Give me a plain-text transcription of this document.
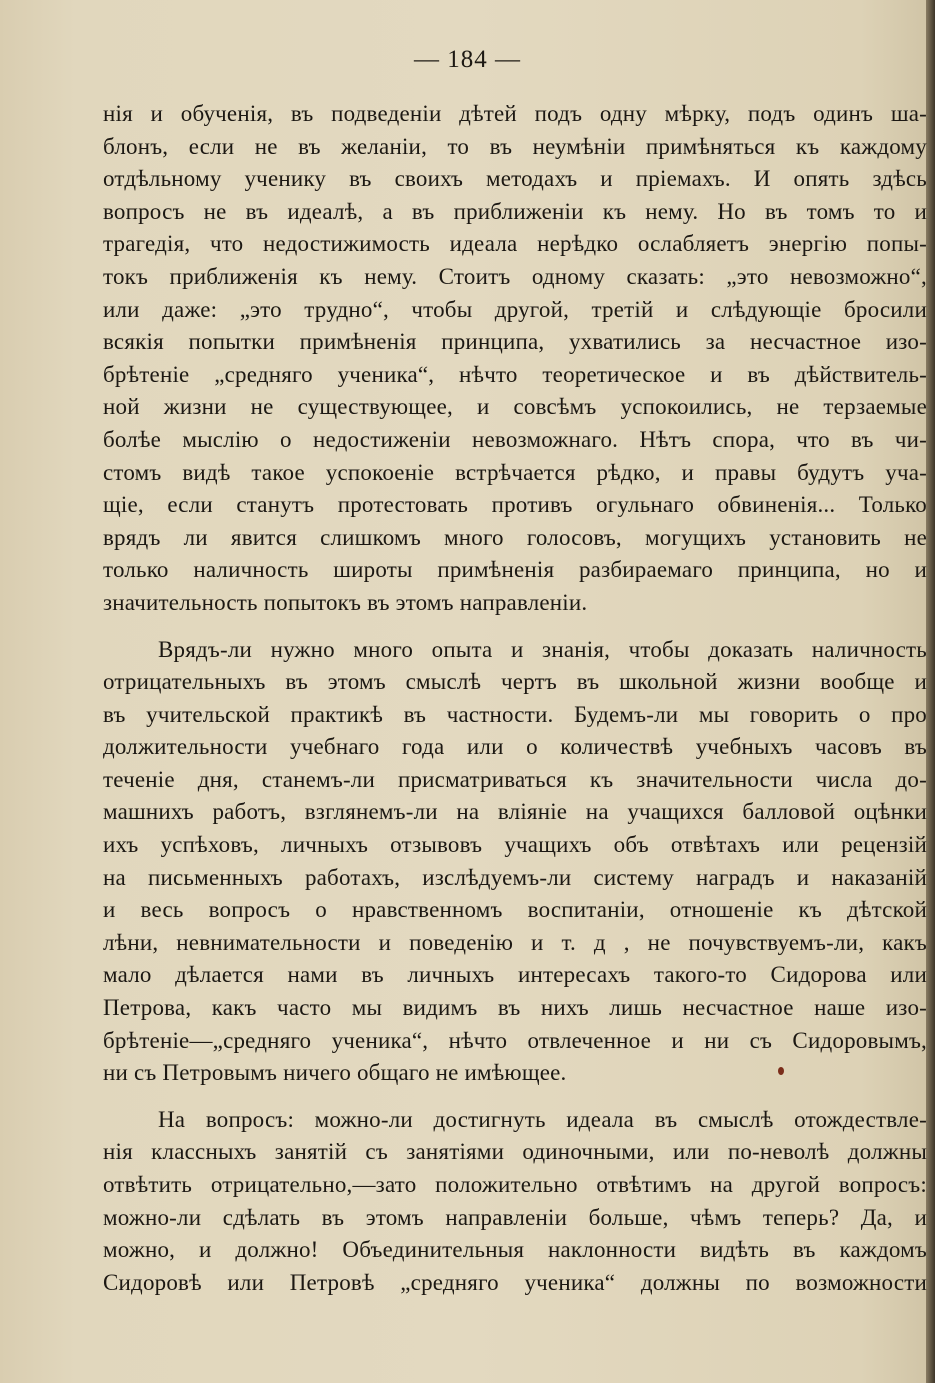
— 184 —
нія и обученія, въ подведеніи дѣтей подъ одну мѣрку, подъ одинъ ша-
блонъ, если не въ желаніи, то въ неумѣніи примѣняться къ каждому
отдѣльному ученику въ своихъ методахъ и пріемахъ. И опять здѣсь
вопросъ не въ идеалѣ, а въ приближеніи къ нему. Но въ томъ то и
трагедія, что недостижимость идеала нерѣдко ослабляетъ энергію попы-
токъ приближенія къ нему. Стоитъ одному сказать: „это невозможно“,
или даже: „это трудно“, чтобы другой, третій и слѣдующіе бросили
всякія попытки примѣненія принципа, ухватились за несчастное изо-
брѣтеніе „средняго ученика“, нѣчто теоретическое и въ дѣйствитель-
ной жизни не существующее, и совсѣмъ успокоились, не терзаемые
болѣе мыслію о недостиженіи невозможнаго. Нѣтъ спора, что въ чи-
стомъ видѣ такое успокоеніе встрѣчается рѣдко, и правы будутъ уча-
щіе, если станутъ протестовать противъ огульнаго обвиненія... Только
врядъ ли явится слишкомъ много голосовъ, могущихъ установить не
только наличность широты примѣненія разбираемаго принципа, но и
значительность попытокъ въ этомъ направленіи.
Врядъ-ли нужно много опыта и знанія, чтобы доказать наличность
отрицательныхъ въ этомъ смыслѣ чертъ въ школьной жизни вообще и
въ учительской практикѣ въ частности. Будемъ-ли мы говорить о про
должительности учебнаго года или о количествѣ учебныхъ часовъ въ
теченіе дня, станемъ-ли присматриваться къ значительности числа до-
машнихъ работъ, взглянемъ-ли на вліяніе на учащихся балловой оцѣнки
ихъ успѣховъ, личныхъ отзывовъ учащихъ объ отвѣтахъ или рецензій
на письменныхъ работахъ, изслѣдуемъ-ли систему наградъ и наказаній
и весь вопросъ о нравственномъ воспитаніи, отношеніе къ дѣтской
лѣни, невнимательности и поведенію и т. д , не почувствуемъ-ли, какъ
мало дѣлается нами въ личныхъ интересахъ такого-то Сидорова или
Петрова, какъ часто мы видимъ въ нихъ лишь несчастное наше изо-
брѣтеніе—„средняго ученика“, нѣчто отвлеченное и ни съ Сидоровымъ,
ни съ Петровымъ ничего общаго не имѣющее.
На вопросъ: можно-ли достигнуть идеала въ смыслѣ отождествле-
нія классныхъ занятій съ занятіями одиночными, или по-неволѣ должны
отвѣтить отрицательно,—зато положительно отвѣтимъ на другой вопросъ:
можно-ли сдѣлать въ этомъ направленіи больше, чѣмъ теперь? Да, и
можно, и должно! Объединительныя наклонности видѣть въ каждомъ
Сидоровѣ или Петровѣ „средняго ученика“ должны по возможности
